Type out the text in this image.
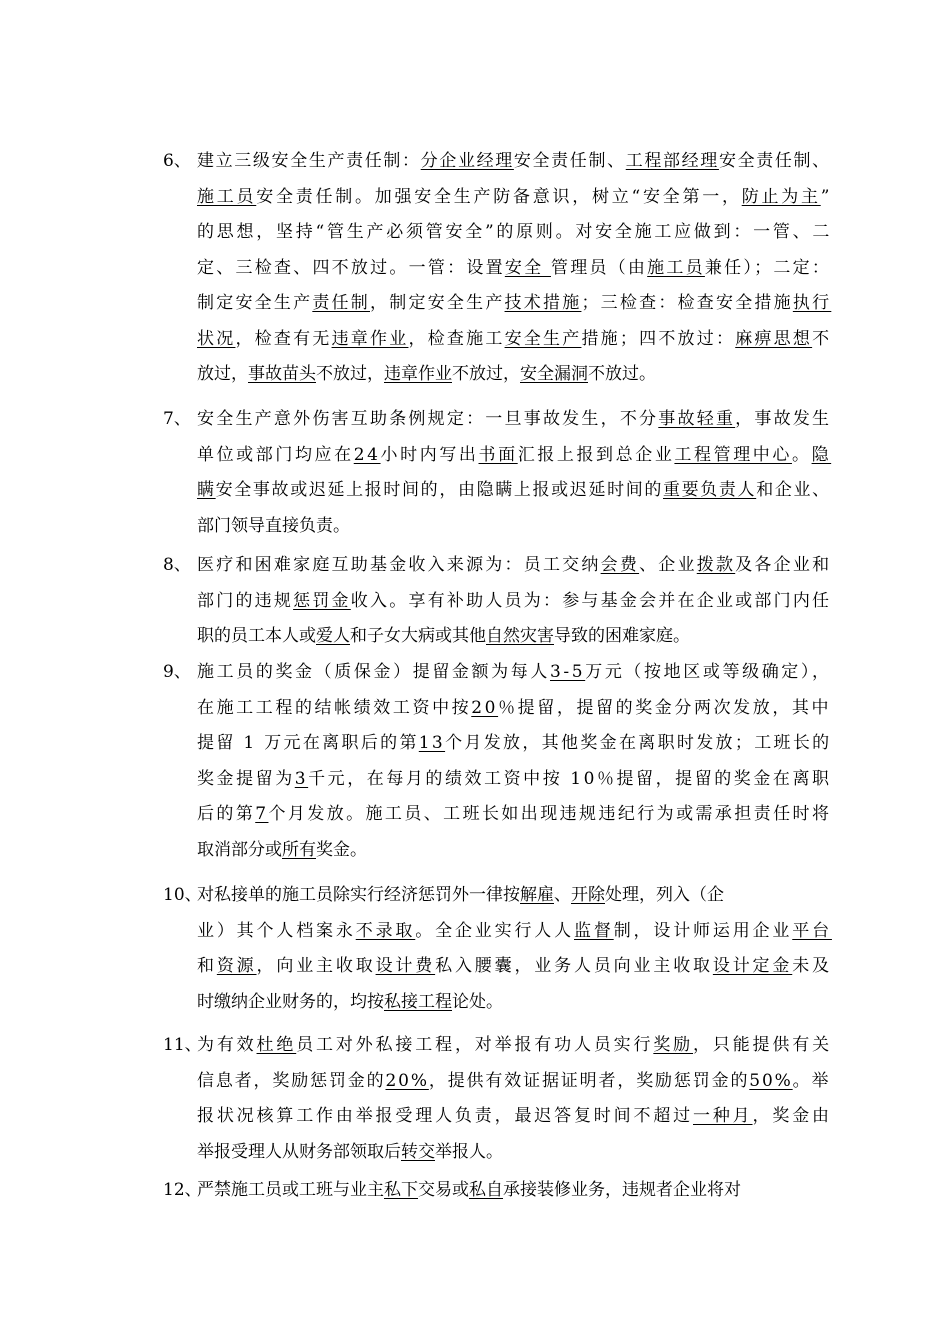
6、 建立三级安全生产责任制：分企业经理安全责任制、工程部经理安全责任制、
施工员安全责任制。加强安全生产防备意识，树立“安全第一，防止为主”
的思想，坚持“管生产必须管安全”的原则。对安全施工应做到：一管、二
定、三检查、四不放过。一管：设置安全 管理员（由施工员兼任）；二定：
制定安全生产责任制，制定安全生产技术措施；三检查：检查安全措施执行
状况，检查有无违章作业，检查施工安全生产措施；四不放过：麻痹思想不
放过，事故苗头不放过，违章作业不放过，安全漏洞不放过。
7、 安全生产意外伤害互助条例规定：一旦事故发生，不分事故轻重，事故发生
单位或部门均应在24小时内写出书面汇报上报到总企业工程管理中心。隐
瞒安全事故或迟延上报时间的，由隐瞒上报或迟延时间的重要负责人和企业、
部门领导直接负责。
8、 医疗和困难家庭互助基金收入来源为：员工交纳会费、企业拨款及各企业和
部门的违规惩罚金收入。享有补助人员为：参与基金会并在企业或部门内任
职的员工本人或爱人和子女大病或其他自然灾害导致的困难家庭。
9、 施工员的奖金（质保金）提留金额为每人3-5万元（按地区或等级确定），
在施工工程的结帐绩效工资中按20％提留，提留的奖金分两次发放，其中
提留 1 万元在离职后的第13个月发放，其他奖金在离职时发放；工班长的
奖金提留为3千元，在每月的绩效工资中按 10％提留，提留的奖金在离职
后的第7个月发放。施工员、工班长如出现违规违纪行为或需承担责任时将
取消部分或所有奖金。
10、
对私接单的施工员除实行经济惩罚外一律按解雇、开除处理，列入（企
业）其个人档案永不录取。全企业实行人人监督制，设计师运用企业平台
和资源，向业主收取设计费私入腰囊，业务人员向业主收取设计定金未及
时缴纳企业财务的，均按私接工程论处。
11、
为有效杜绝员工对外私接工程，对举报有功人员实行奖励，只能提供有关
信息者，奖励惩罚金的20%，提供有效证据证明者，奖励惩罚金的50%。举
报状况核算工作由举报受理人负责，最迟答复时间不超过一种月，奖金由
举报受理人从财务部领取后转交举报人。
12、
严禁施工员或工班与业主私下交易或私自承接装修业务，违规者企业将对
